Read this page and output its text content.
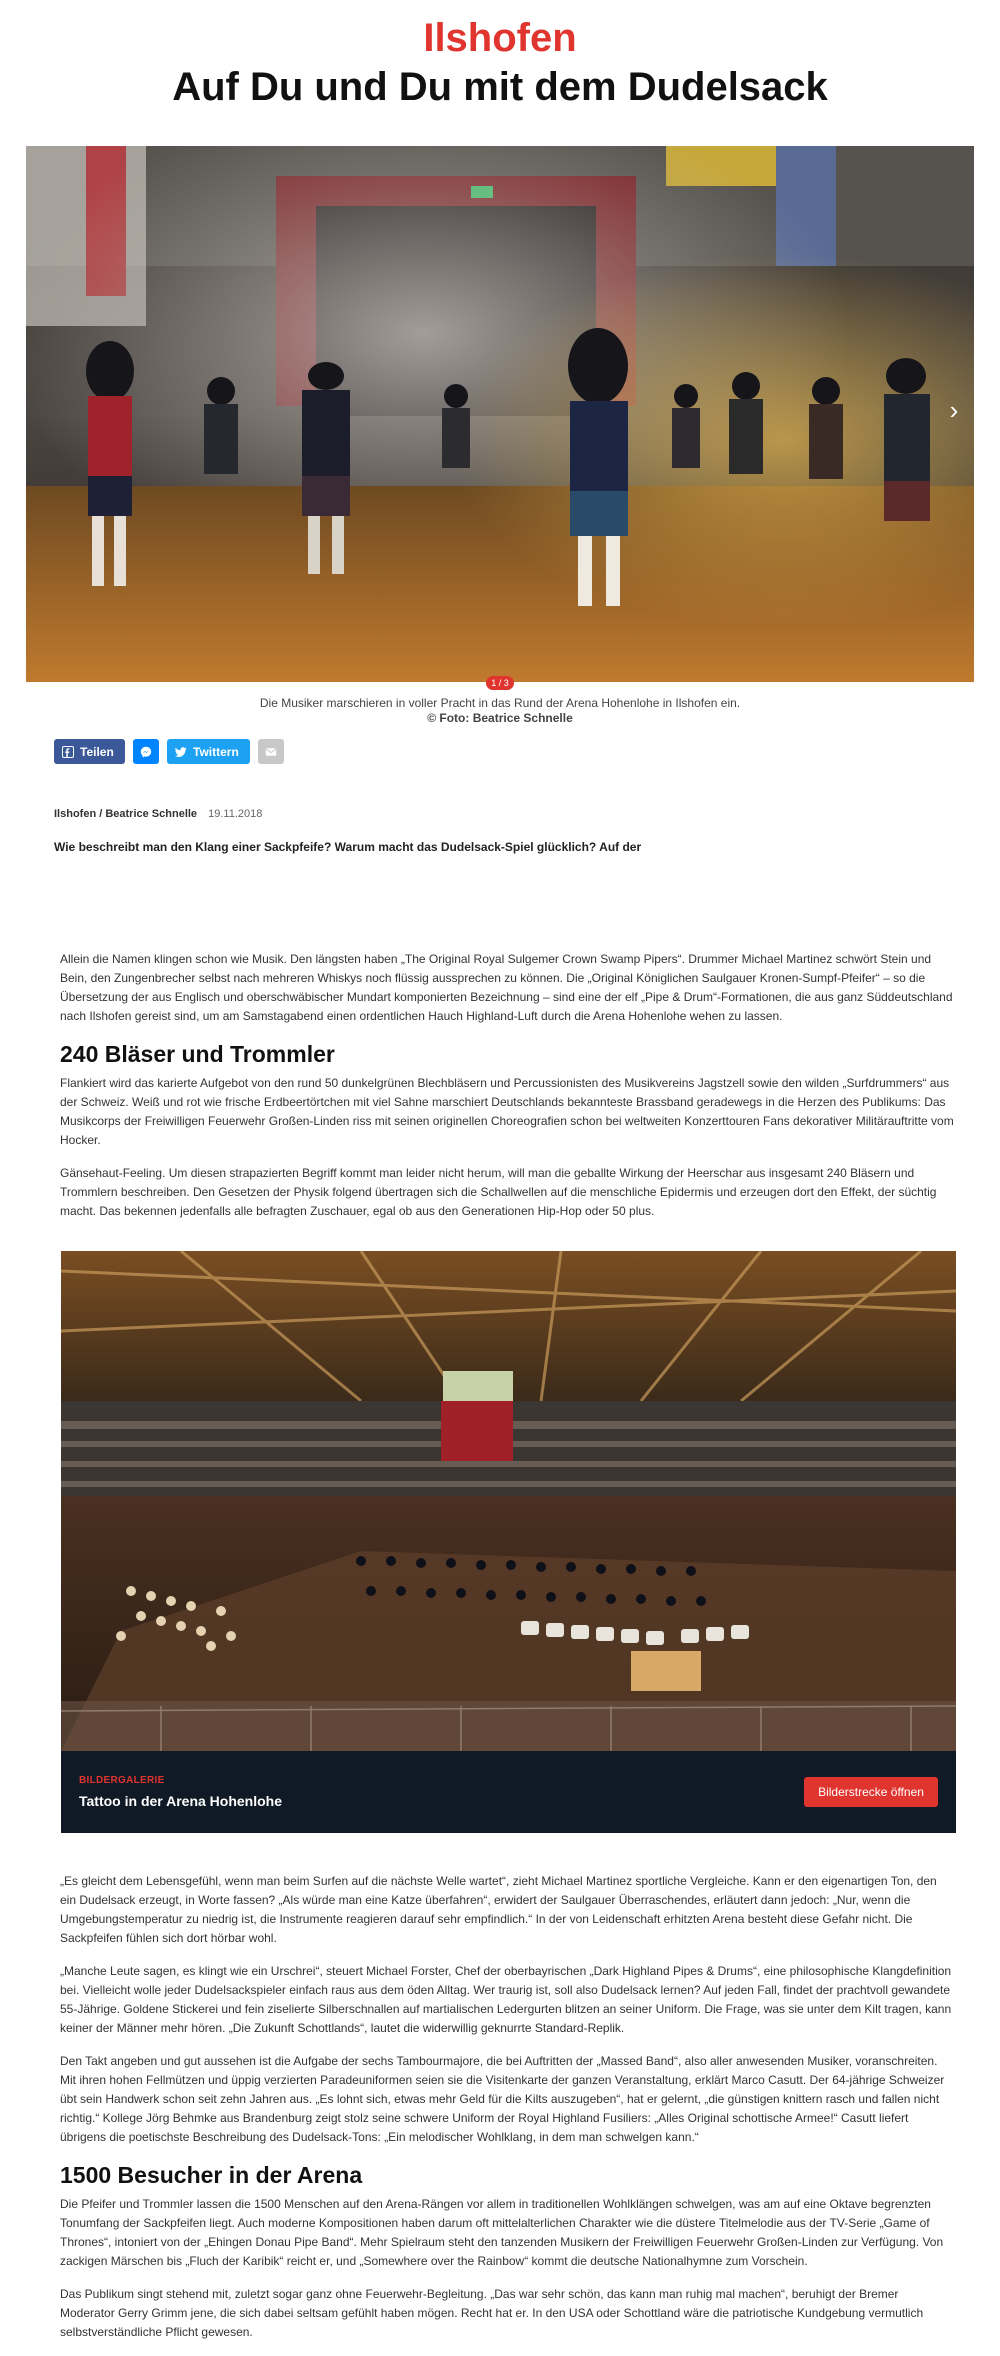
Ilshofen
Auf Du und Du mit dem Dudelsack
›
1 / 3
Die Musiker marschieren in voller Pracht in das Rund der Arena Hohenlohe in Ilshofen ein.
© Foto: Beatrice Schnelle
Teilen	Twittern
Ilshofen / Beatrice Schnelle 19.11.2018
Wie beschreibt man den Klang einer Sackpfeife? Warum macht das Dudelsack-Spiel glücklich? Auf der

Allein die Namen klingen schon wie Musik. Den längsten haben „The Original Royal Sulgemer Crown Swamp Pipers“. Drummer Michael Martinez schwört Stein und Bein, den Zungenbrecher selbst nach mehreren Whiskys noch flüssig aussprechen zu können. Die „Original Königlichen Saulgauer Kronen-Sumpf-Pfeifer“ – so die Übersetzung der aus Englisch und oberschwäbischer Mundart komponierten Bezeichnung – sind eine der elf „Pipe & Drum“-Formationen, die aus ganz Süddeutschland nach Ilshofen gereist sind, um am Samstagabend einen ordentlichen Hauch Highland-Luft durch die Arena Hohenlohe wehen zu lassen.

240 Bläser und Trommler

Flankiert wird das karierte Aufgebot von den rund 50 dunkelgrünen Blechbläsern und Percussionisten des Musikvereins Jagstzell sowie den wilden „Surfdrummers“ aus der Schweiz. Weiß und rot wie frische Erdbeertörtchen mit viel Sahne marschiert Deutschlands bekannteste Brassband geradewegs in die Herzen des Publikums: Das Musikcorps der Freiwilligen Feuerwehr Großen-Linden riss mit seinen originellen Choreografien schon bei weltweiten Konzerttouren Fans dekorativer Militärauftritte vom Hocker.

Gänsehaut-Feeling. Um diesen strapazierten Begriff kommt man leider nicht herum, will man die geballte Wirkung der Heerschar aus insgesamt 240 Bläsern und Trommlern beschreiben. Den Gesetzen der Physik folgend übertragen sich die Schallwellen auf die menschliche Epidermis und erzeugen dort den Effekt, der süchtig macht. Das bekennen jedenfalls alle befragten Zuschauer, egal ob aus den Generationen Hip-Hop oder 50 plus.

BILDERGALERIE
Tattoo in der Arena Hohenlohe
Bilderstrecke öffnen

„Es gleicht dem Lebensgefühl, wenn man beim Surfen auf die nächste Welle wartet“, zieht Michael Martinez sportliche Vergleiche. Kann er den eigenartigen Ton, den ein Dudelsack erzeugt, in Worte fassen? „Als würde man eine Katze überfahren“, erwidert der Saulgauer Überraschendes, erläutert dann jedoch: „Nur, wenn die Umgebungstemperatur zu niedrig ist, die Instrumente reagieren darauf sehr empfindlich.“ In der von Leidenschaft erhitzten Arena besteht diese Gefahr nicht. Die Sackpfeifen fühlen sich dort hörbar wohl.

„Manche Leute sagen, es klingt wie ein Urschrei“, steuert Michael Forster, Chef der oberbayrischen „Dark Highland Pipes & Drums“, eine philosophische Klangdefinition bei. Vielleicht wolle jeder Dudelsackspieler einfach raus aus dem öden Alltag. Wer traurig ist, soll also Dudelsack lernen? Auf jeden Fall, findet der prachtvoll gewandete 55-Jährige. Goldene Stickerei und fein ziselierte Silberschnallen auf martialischen Ledergurten blitzen an seiner Uniform. Die Frage, was sie unter dem Kilt tragen, kann keiner der Männer mehr hören. „Die Zukunft Schottlands“, lautet die widerwillig geknurrte Standard-Replik.

Den Takt angeben und gut aussehen ist die Aufgabe der sechs Tambourmajore, die bei Auftritten der „Massed Band“, also aller anwesenden Musiker, voranschreiten. Mit ihren hohen Fellmützen und üppig verzierten Paradeuniformen seien sie die Visitenkarte der ganzen Veranstaltung, erklärt Marco Casutt. Der 64-jährige Schweizer übt sein Handwerk schon seit zehn Jahren aus. „Es lohnt sich, etwas mehr Geld für die Kilts auszugeben“, hat er gelernt, „die günstigen knittern rasch und fallen nicht richtig.“ Kollege Jörg Behmke aus Brandenburg zeigt stolz seine schwere Uniform der Royal Highland Fusiliers: „Alles Original schottische Armee!“ Casutt liefert übrigens die poetischste Beschreibung des Dudelsack-Tons: „Ein melodischer Wohlklang, in dem man schwelgen kann.“

1500 Besucher in der Arena

Die Pfeifer und Trommler lassen die 1500 Menschen auf den Arena-Rängen vor allem in traditionellen Wohlklängen schwelgen, was am auf eine Oktave begrenzten Tonumfang der Sackpfeifen liegt. Auch moderne Kompositionen haben darum oft mittelalterlichen Charakter wie die düstere Titelmelodie aus der TV-Serie „Game of Thrones“, intoniert von der „Ehingen Donau Pipe Band“. Mehr Spielraum steht den tanzenden Musikern der Freiwilligen Feuerwehr Großen-Linden zur Verfügung. Von zackigen Märschen bis „Fluch der Karibik“ reicht er, und „Somewhere over the Rainbow“ kommt die deutsche Nationalhymne zum Vorschein.

Das Publikum singt stehend mit, zuletzt sogar ganz ohne Feuerwehr-Begleitung. „Das war sehr schön, das kann man ruhig mal machen“, beruhigt der Bremer Moderator Gerry Grimm jene, die sich dabei seltsam gefühlt haben mögen. Recht hat er. In den USA oder Schottland wäre die patriotische Kundgebung vermutlich selbstverständliche Pflicht gewesen.
